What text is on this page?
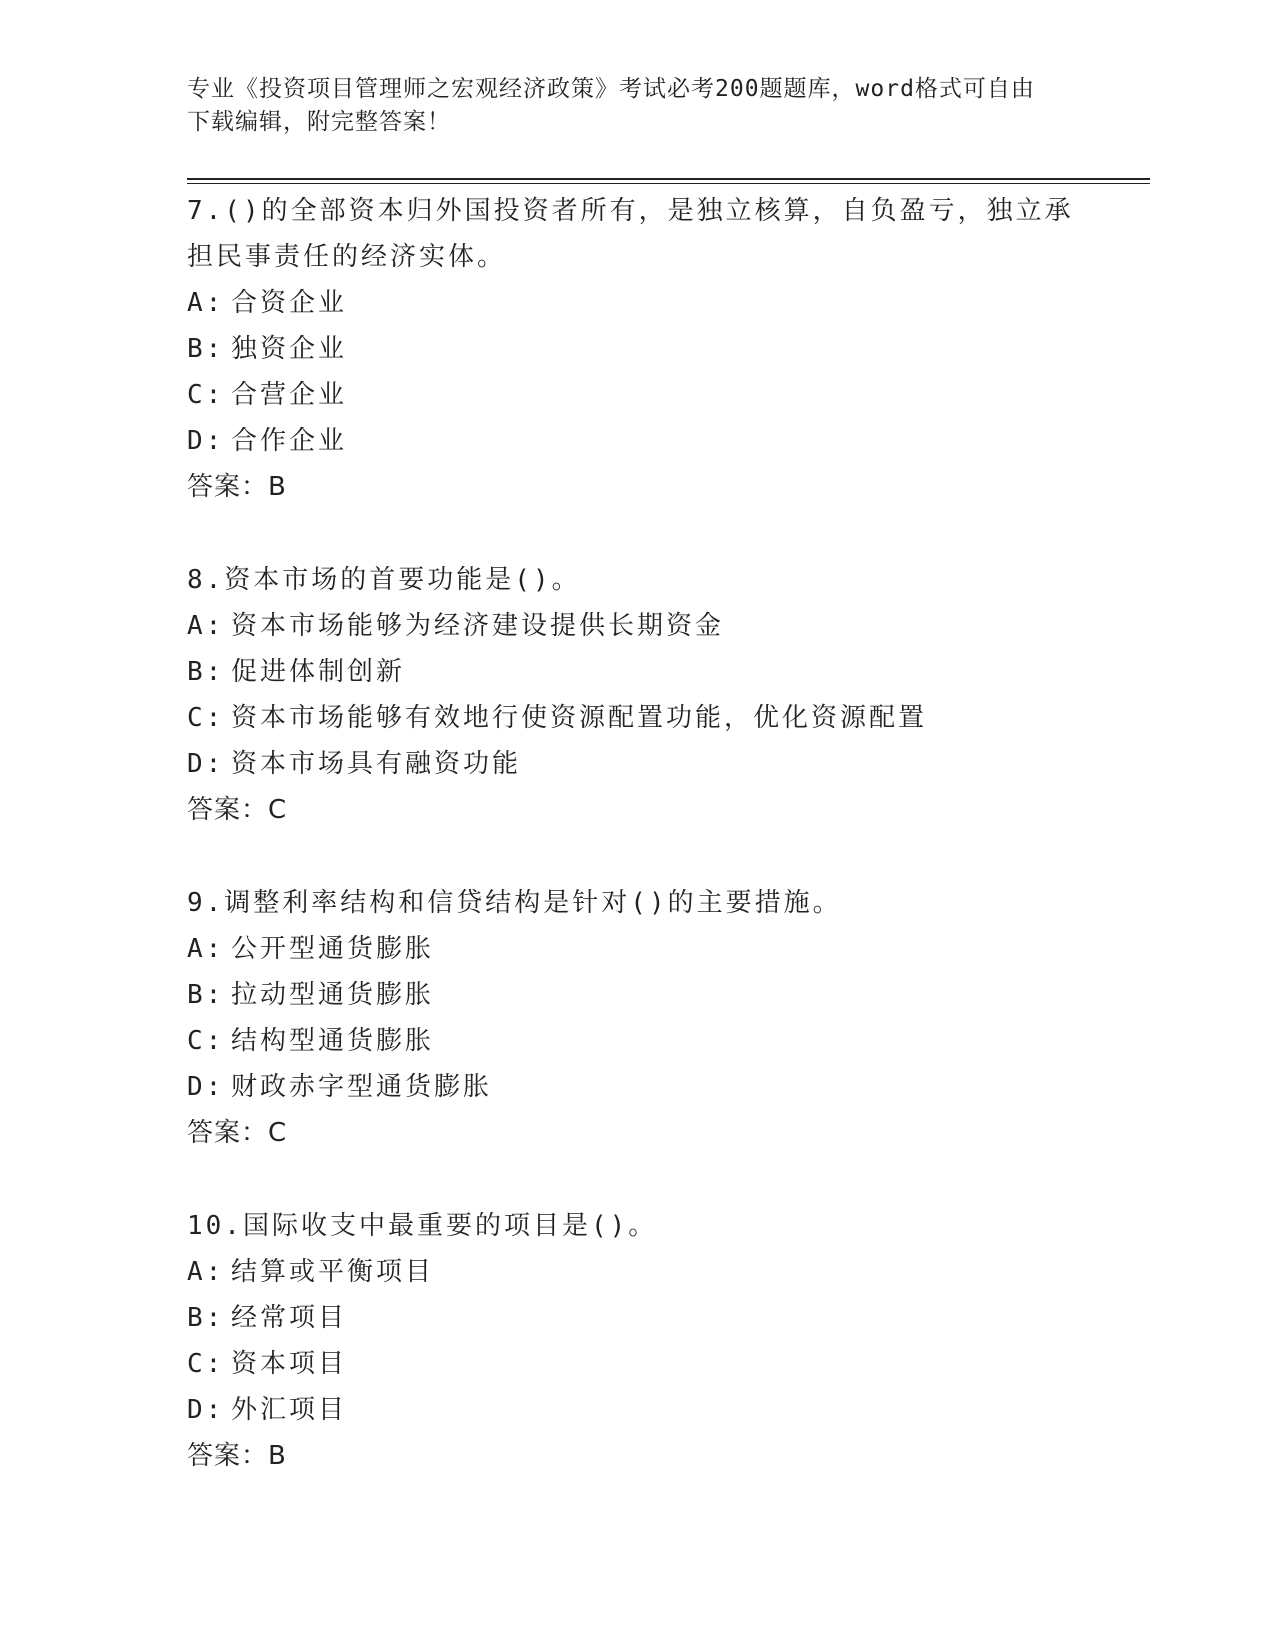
专业《投资项目管理师之宏观经济政策》考试必考200题题库，word格式可自由
下载编辑，附完整答案！
7.()的全部资本归外国投资者所有，是独立核算，自负盈亏，独立承
担民事责任的经济实体。
A: 合资企业
B: 独资企业
C: 合营企业
D: 合作企业
答案：B
8.资本市场的首要功能是()。
A: 资本市场能够为经济建设提供长期资金
B: 促进体制创新
C: 资本市场能够有效地行使资源配置功能，优化资源配置
D: 资本市场具有融资功能
答案：C
9.调整利率结构和信贷结构是针对()的主要措施。
A: 公开型通货膨胀
B: 拉动型通货膨胀
C: 结构型通货膨胀
D: 财政赤字型通货膨胀
答案：C
10.国际收支中最重要的项目是()。
A: 结算或平衡项目
B: 经常项目
C: 资本项目
D: 外汇项目
答案：B
